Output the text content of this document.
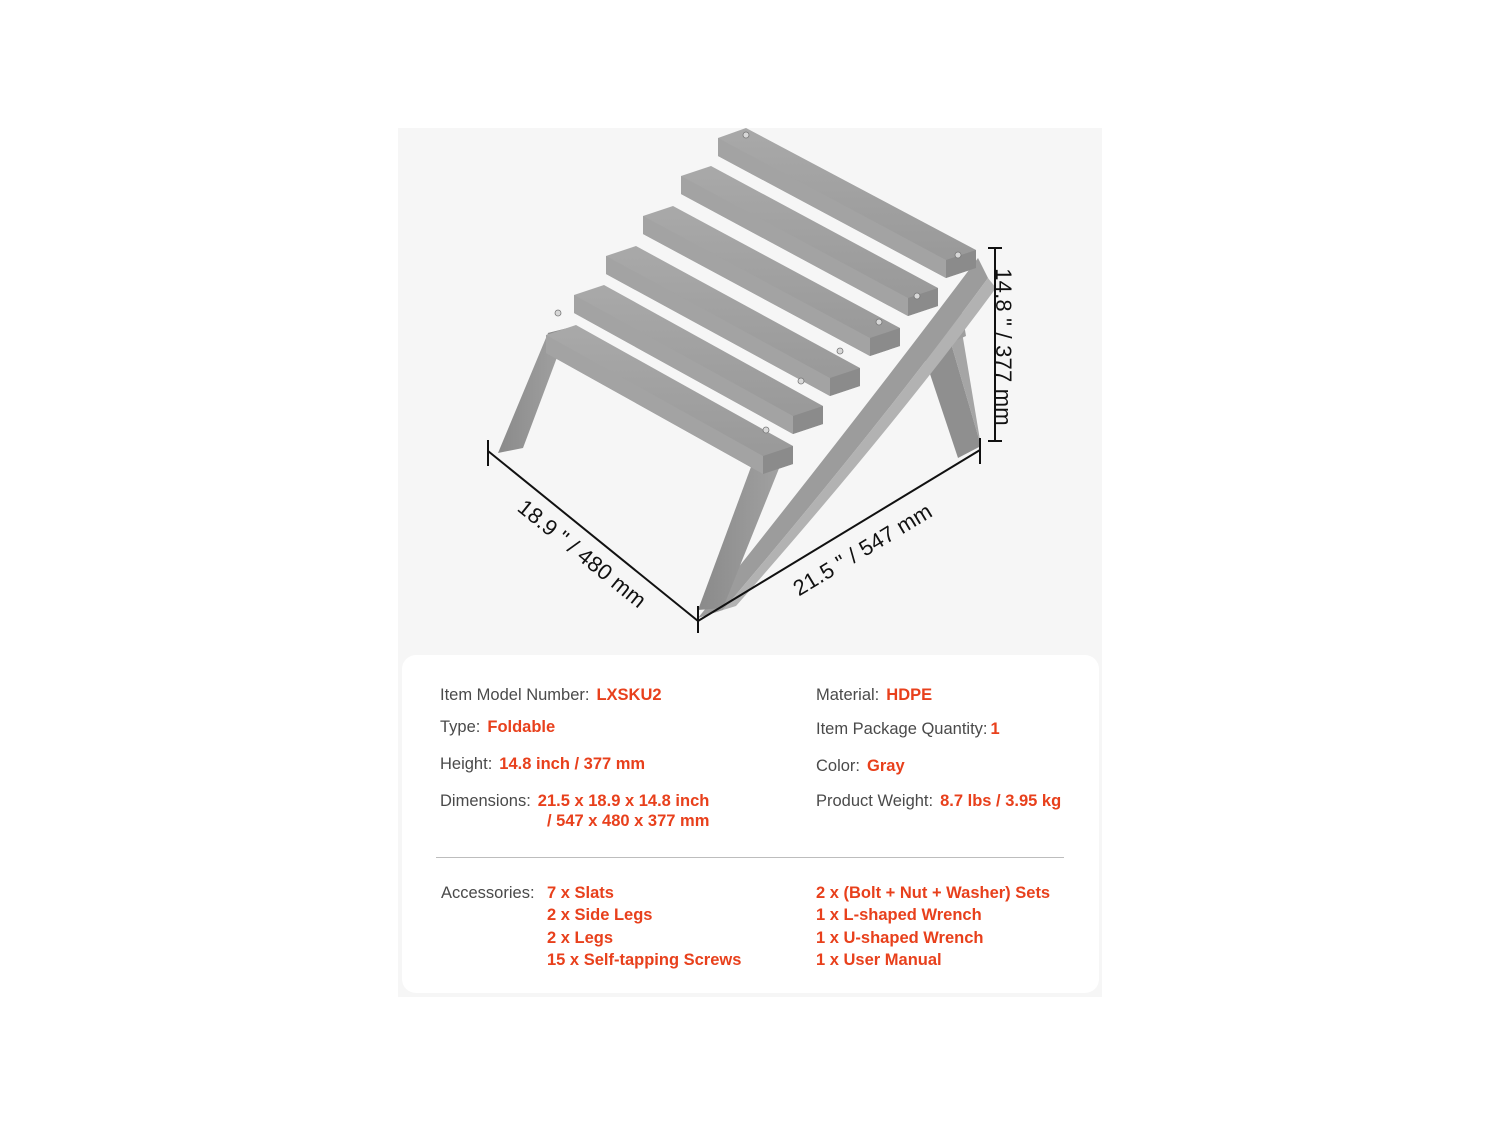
14.8 " / 377 mm
18.9 " / 480 mm	21.5 " / 547 mm
Item Model Number: LXSKU2
Type: Foldable
Height: 14.8 inch / 377 mm
Dimensions: 21.5 x 18.9 x 14.8 inch
/ 547 x 480 x 377 mm
Material: HDPE
Item Package Quantity: 1
Color: Gray
Product Weight: 8.7 lbs / 3.95 kg
Accessories: 7 x Slats
2 x Side Legs
2 x Legs
15 x Self-tapping Screws
2 x (Bolt + Nut + Washer) Sets
1 x L-shaped Wrench
1 x U-shaped Wrench
1 x User Manual
